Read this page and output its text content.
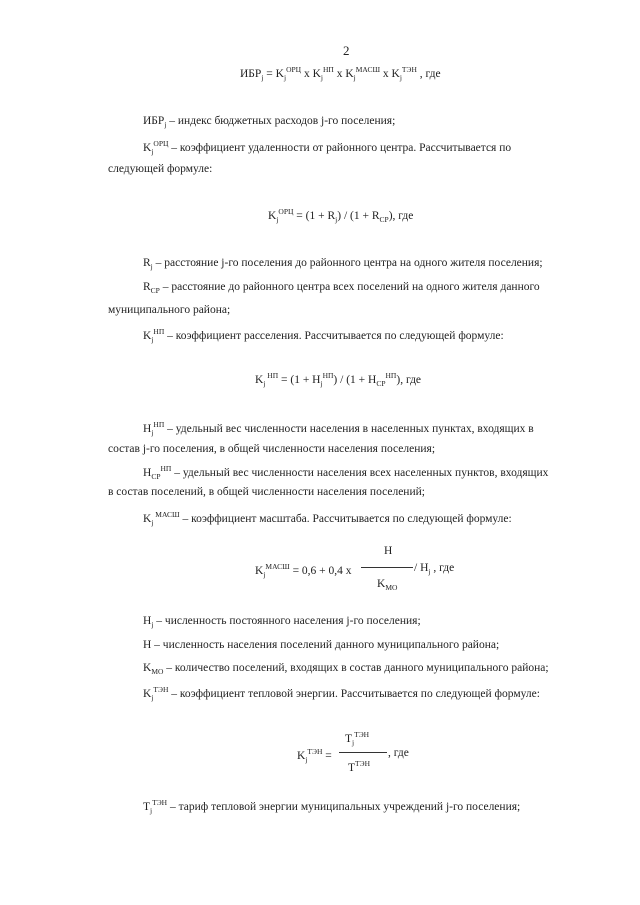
2
$ИБР_j = K_j^{ОРЦ}$ x $K_j^{НП}$ x $K_j^{МАСШ}$ x $K_j^{ТЭН}$ , где
$ИБР_j$ – индекс бюджетных расходов j-го поселения;
$K_j^{ОРЦ}$ – коэффициент удаленности от районного центра. Рассчитывается по
следующей формуле:
$K_j^{ОРЦ} = (1 + R_j) / (1 + R_{СР})$, где
$R_j$ – расстояние j-го поселения до районного центра на одного жителя поселения;
$R_{СР}$ – расстояние до районного центра всех поселений на одного жителя данного
муниципального района;
$K_j^{НП}$ – коэффициент расселения. Рассчитывается по следующей формуле:
$K_j$ $^{НП} = (1 + H_j^{НП}) / (1 + H_{СР}^{НП})$, где
$H_j^{НП}$ – удельный вес численности населения в населенных пунктах, входящих в
состав j-го поселения, в общей численности населения поселения;
$H_{СР}^{НП}$ – удельный вес численности населения всех населенных пунктов, входящих
в состав поселений, в общей численности населения поселений;
$K_j$ $^{МАСШ}$ – коэффициент масштаба. Рассчитывается по следующей формуле:
$K_j^{МАСШ} = 0,6 + 0,4$ x
H
$K_{МО}$
/ $H_j$ , где
$H_j$ – численность постоянного населения j-го поселения;
H – численность населения поселений данного муниципального района;
$K_{МО}$ – количество поселений, входящих в состав данного муниципального района;
$K_j^{ТЭН}$ – коэффициент тепловой энергии. Рассчитывается по следующей формуле:
$K_j^{ТЭН}$ =
$T_j^{ТЭН}$
$T^{ТЭН}$
, где
$T_j^{ТЭН}$ – тариф тепловой энергии муниципальных учреждений j-го поселения;
